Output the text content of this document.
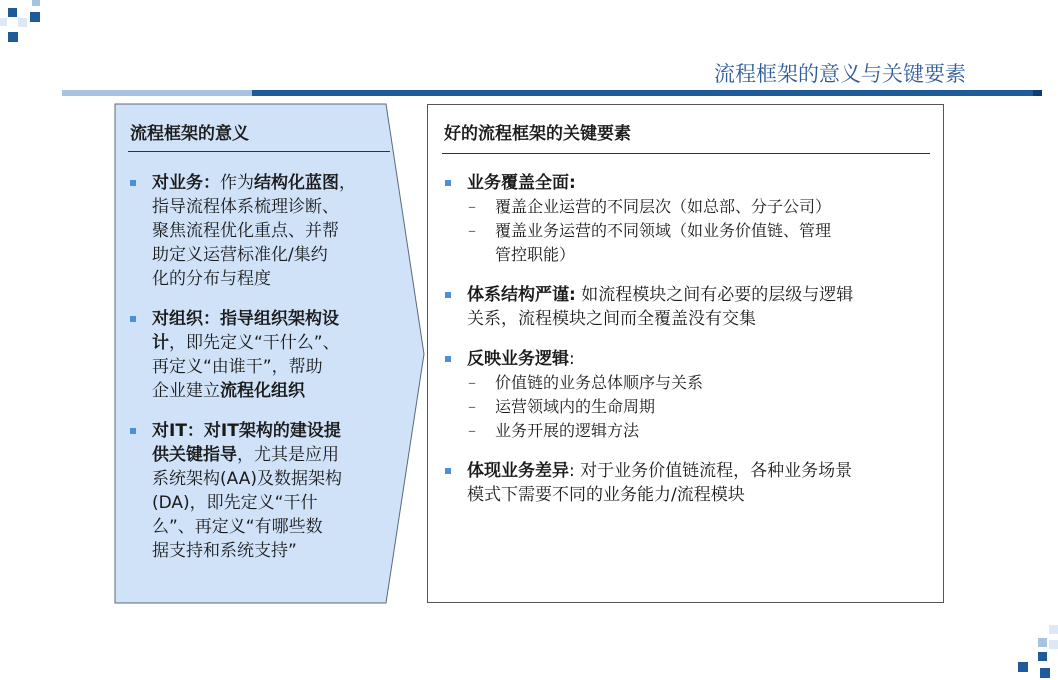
流程框架的意义与关键要素
流程框架的意义
对业务：作为结构化蓝图，
指导流程体系梳理诊断、
聚焦流程优化重点、并帮
助定义运营标准化/集约
化的分布与程度
对组织：指导组织架构设
计，即先定义“干什么”、
再定义“由谁干”，帮助
企业建立流程化组织
对IT：对IT架构的建设提
供关键指导，尤其是应用
系统架构(AA)及数据架构
(DA)，即先定义“干什
么”、再定义“有哪些数
据支持和系统支持”
好的流程框架的关键要素
业务覆盖全面:
– 覆盖企业运营的不同层次（如总部、分子公司）
– 覆盖业务运营的不同领域（如业务价值链、管理
管控职能）
体系结构严谨: 如流程模块之间有必要的层级与逻辑
关系，流程模块之间而全覆盖没有交集
反映业务逻辑:
– 价值链的业务总体顺序与关系
– 运营领域内的生命周期
– 业务开展的逻辑方法
体现业务差异: 对于业务价值链流程，各种业务场景
模式下需要不同的业务能力/流程模块
